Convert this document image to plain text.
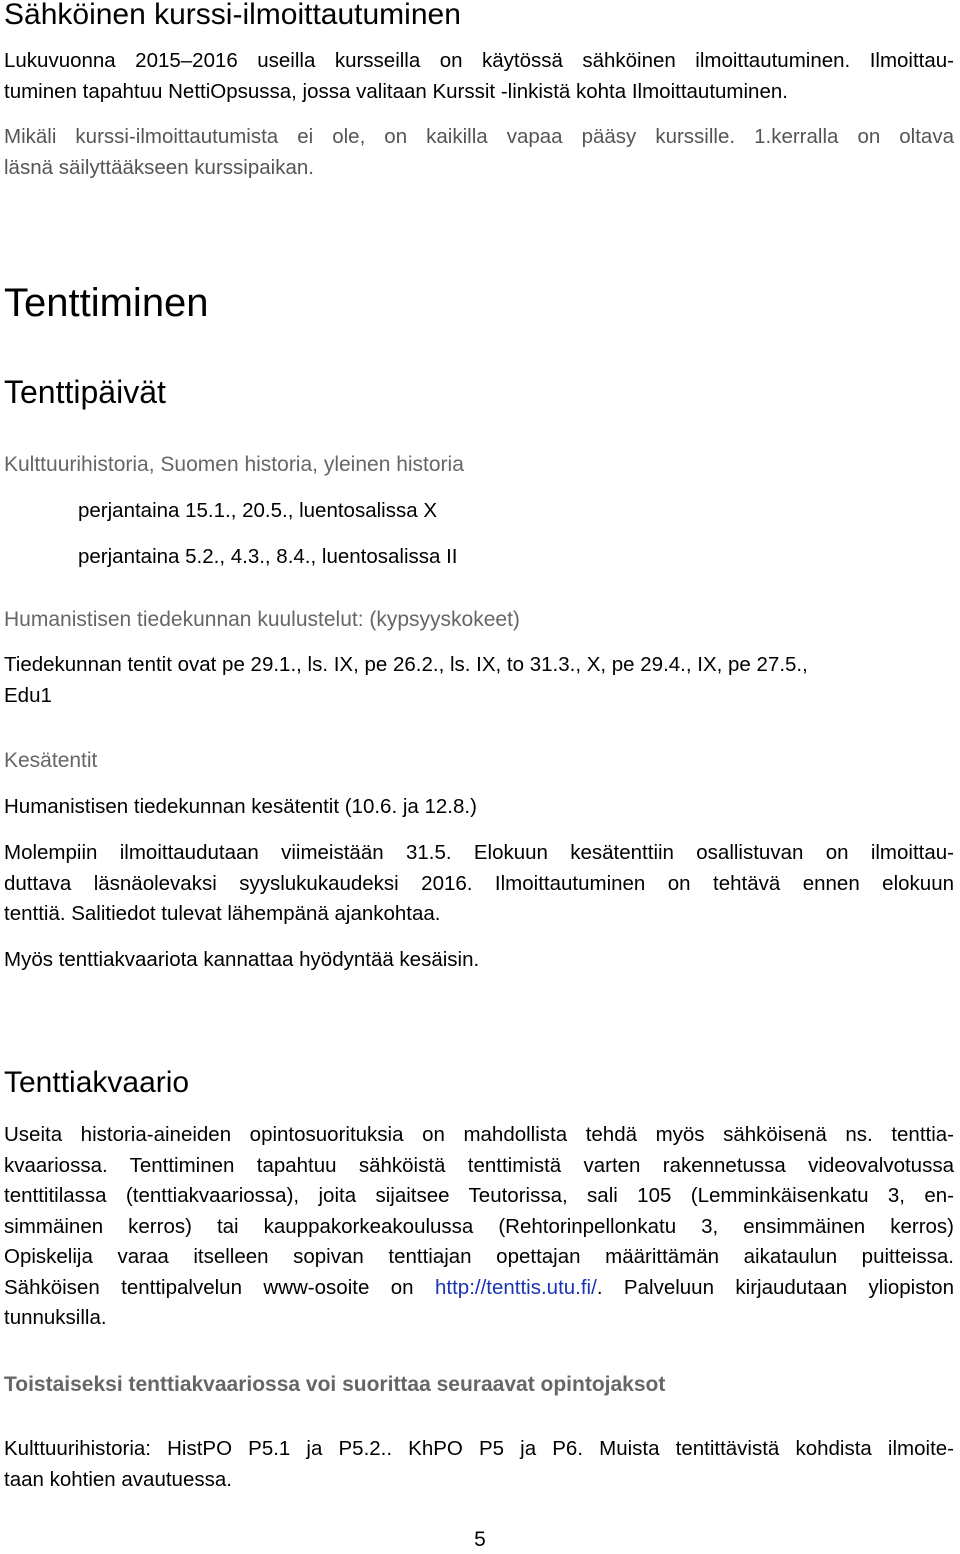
Sähköinen kurssi-ilmoittautuminen
Lukuvuonna 2015–2016 useilla kursseilla on käytössä sähköinen ilmoittautuminen. Ilmoittau-
tuminen tapahtuu NettiOpsussa, jossa valitaan Kurssit -linkistä kohta Ilmoittautuminen.
Mikäli kurssi-ilmoittautumista ei ole, on kaikilla vapaa pääsy kurssille. 1.kerralla on oltava
läsnä säilyttääkseen kurssipaikan.
Tenttiminen
Tenttipäivät
Kulttuurihistoria, Suomen historia, yleinen historia

perjantaina 15.1., 20.5., luentosalissa X

perjantaina 5.2., 4.3., 8.4., luentosalissa II

Humanistisen tiedekunnan kuulustelut: (kypsyyskokeet)
Tiedekunnan tentit ovat pe 29.1., ls. IX, pe 26.2., ls. IX, to 31.3., X, pe 29.4., IX, pe 27.5.,
Edu1
Kesätentit

Humanistisen tiedekunnan kesätentit (10.6. ja 12.8.)

Molempiin ilmoittaudutaan viimeistään 31.5. Elokuun kesätenttiin osallistuvan on ilmoittau-
duttava läsnäolevaksi syyslukukaudeksi 2016. Ilmoittautuminen on tehtävä ennen elokuun
tenttiä. Salitiedot tulevat lähempänä ajankohtaa.

Myös tenttiakvaariota kannattaa hyödyntää kesäisin.

Tenttiakvaario
Useita historia-aineiden opintosuorituksia on mahdollista tehdä myös sähköisenä ns. tenttia-
kvaariossa. Tenttiminen tapahtuu sähköistä tenttimistä varten rakennetussa videovalvotussa
tenttitilassa (tenttiakvaariossa), joita sijaitsee Teutorissa, sali 105 (Lemminkäisenkatu 3, en-
simmäinen kerros) tai kauppakorkeakoulussa (Rehtorinpellonkatu 3, ensimmäinen kerros)
Opiskelija varaa itselleen sopivan tenttiajan opettajan määrittämän aikataulun puitteissa.
Sähköisen tenttipalvelun www-osoite on http://tenttis.utu.fi/. Palveluun kirjaudutaan yliopiston
tunnuksilla.
Toistaiseksi tenttiakvaariossa voi suorittaa seuraavat opintojaksot
Kulttuurihistoria: HistPO P5.1 ja P5.2.. KhPO P5 ja P6. Muista tentittävistä kohdista ilmoite-
taan kohtien avautuessa.
5
